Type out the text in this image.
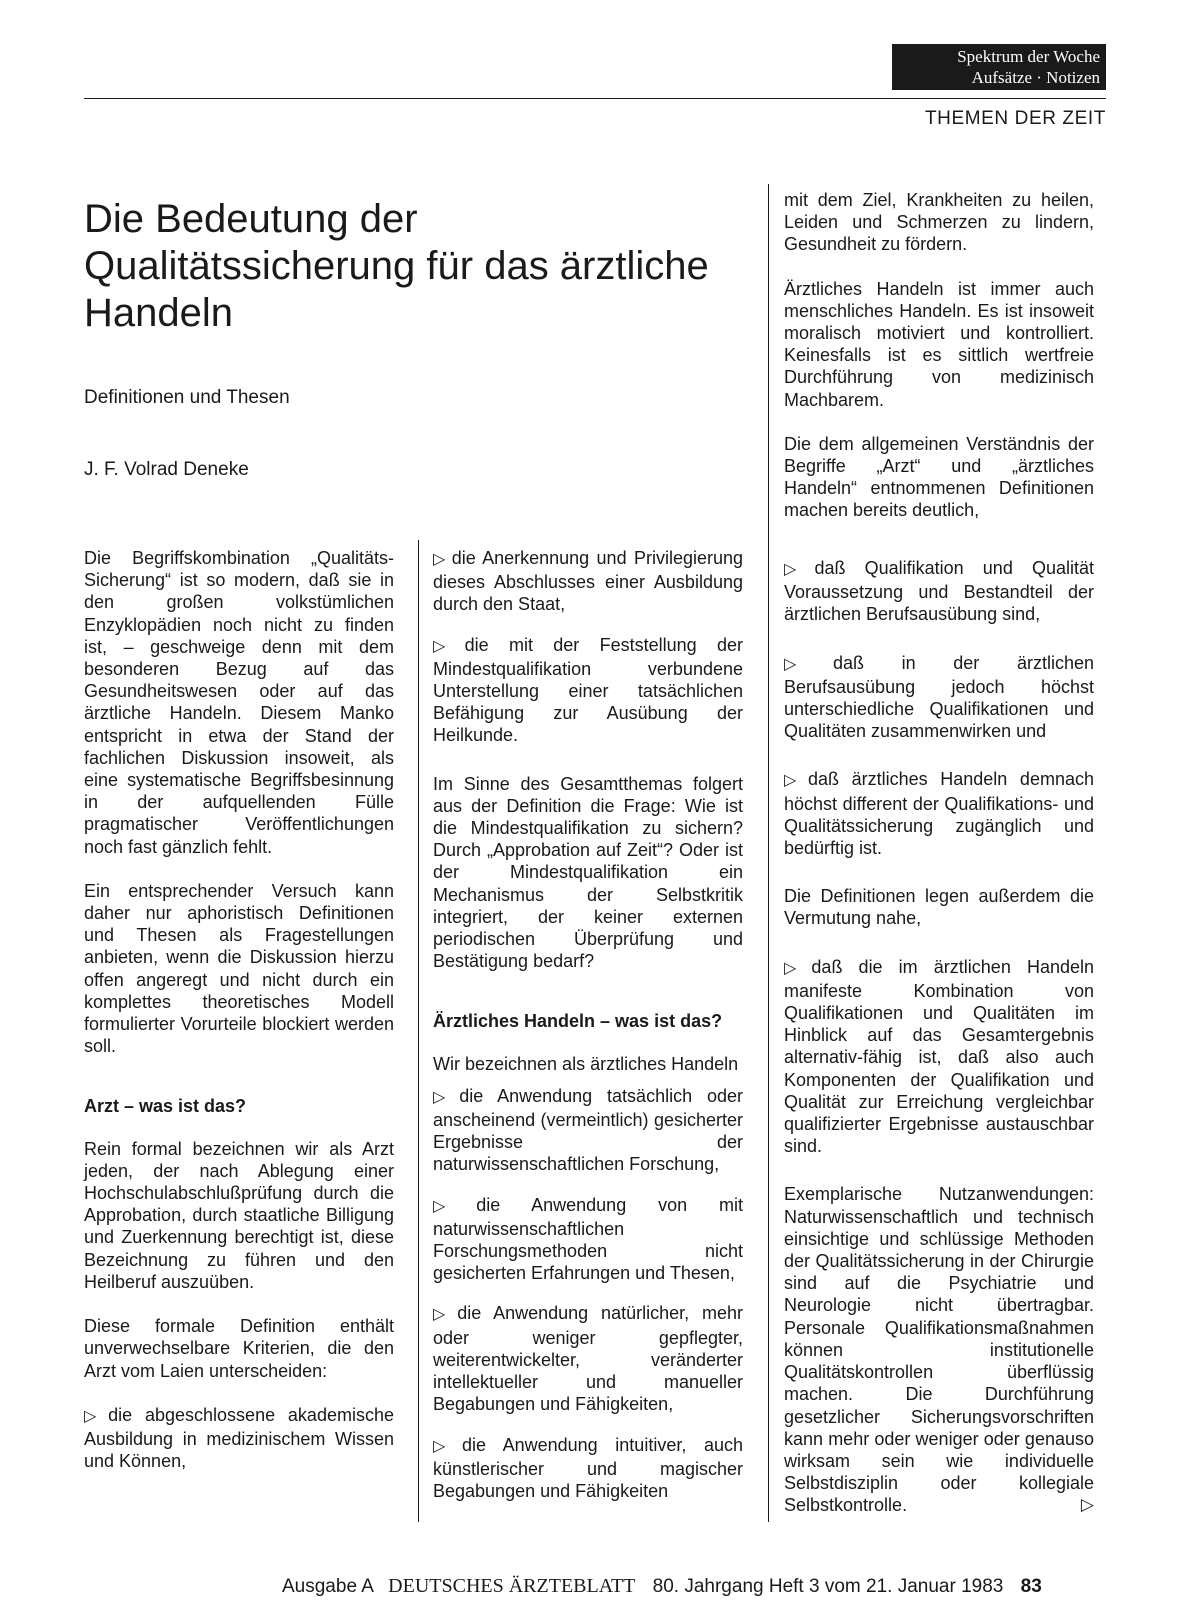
Spektrum der Woche
Aufsätze · Notizen
THEMEN DER ZEIT
Die Bedeutung der Qualitätssicherung für das ärztliche Handeln
Definitionen und Thesen
J. F. Volrad Deneke

Die Begriffskombination „Qualitäts-Sicherung“ ist so modern, daß sie in den großen volkstümlichen Enzyklopädien noch nicht zu finden ist, – geschweige denn mit dem besonderen Bezug auf das Gesundheitswesen oder auf das ärztliche Handeln. Diesem Manko entspricht in etwa der Stand der fachlichen Diskussion insoweit, als eine systematische Begriffsbesinnung in der aufquellenden Fülle pragmatischer Veröffentlichungen noch fast gänzlich fehlt.

Ein entsprechender Versuch kann daher nur aphoristisch Definitionen und Thesen als Fragestellungen anbieten, wenn die Diskussion hierzu offen angeregt und nicht durch ein komplettes theoretisches Modell formulierter Vorurteile blockiert werden soll.

Arzt – was ist das?

Rein formal bezeichnen wir als Arzt jeden, der nach Ablegung einer Hochschulabschlußprüfung durch die Approbation, durch staatliche Billigung und Zuerkennung berechtigt ist, diese Bezeichnung zu führen und den Heilberuf auszuüben.

Diese formale Definition enthält unverwechselbare Kriterien, die den Arzt vom Laien unterscheiden:

▷ die abgeschlossene akademische Ausbildung in medizinischem Wissen und Können,

▷ die Anerkennung und Privilegierung dieses Abschlusses einer Ausbildung durch den Staat,

▷ die mit der Feststellung der Mindestqualifikation verbundene Unterstellung einer tatsächlichen Befähigung zur Ausübung der Heilkunde.

Im Sinne des Gesamtthemas folgert aus der Definition die Frage: Wie ist die Mindestqualifikation zu sichern? Durch „Approbation auf Zeit“? Oder ist der Mindestqualifikation ein Mechanismus der Selbstkritik integriert, der keiner externen periodischen Überprüfung und Bestätigung bedarf?

Ärztliches Handeln – was ist das?

Wir bezeichnen als ärztliches Handeln

▷ die Anwendung tatsächlich oder anscheinend (vermeintlich) gesicherter Ergebnisse der naturwissenschaftlichen Forschung,

▷ die Anwendung von mit naturwissenschaftlichen Forschungsmethoden nicht gesicherten Erfahrungen und Thesen,

▷ die Anwendung natürlicher, mehr oder weniger gepflegter, weiterentwickelter, veränderter intellektueller und manueller Begabungen und Fähigkeiten,

▷ die Anwendung intuitiver, auch künstlerischer und magischer Begabungen und Fähigkeiten

mit dem Ziel, Krankheiten zu heilen, Leiden und Schmerzen zu lindern, Gesundheit zu fördern.

Ärztliches Handeln ist immer auch menschliches Handeln. Es ist insoweit moralisch motiviert und kontrolliert. Keinesfalls ist es sittlich wertfreie Durchführung von medizinisch Machbarem.

Die dem allgemeinen Verständnis der Begriffe „Arzt“ und „ärztliches Handeln“ entnommenen Definitionen machen bereits deutlich,

▷ daß Qualifikation und Qualität Voraussetzung und Bestandteil der ärztlichen Berufsausübung sind,

▷ daß in der ärztlichen Berufsausübung jedoch höchst unterschiedliche Qualifikationen und Qualitäten zusammenwirken und

▷ daß ärztliches Handeln demnach höchst different der Qualifikations- und Qualitätssicherung zugänglich und bedürftig ist.

Die Definitionen legen außerdem die Vermutung nahe,

▷ daß die im ärztlichen Handeln manifeste Kombination von Qualifikationen und Qualitäten im Hinblick auf das Gesamtergebnis alternativ-fähig ist, daß also auch Komponenten der Qualifikation und Qualität zur Erreichung vergleichbar qualifizierter Ergebnisse austauschbar sind.

Exemplarische Nutzanwendungen: Naturwissenschaftlich und technisch einsichtige und schlüssige Methoden der Qualitätssicherung in der Chirurgie sind auf die Psychiatrie und Neurologie nicht übertragbar. Personale Qualifikationsmaßnahmen können institutionelle Qualitätskontrollen überflüssig machen. Die Durchführung gesetzlicher Sicherungsvorschriften kann mehr oder weniger oder genauso wirksam sein wie individuelle Selbstdisziplin oder kollegiale Selbstkontrolle.	▷

Ausgabe A DEUTSCHES ÄRZTEBLATT 80. Jahrgang Heft 3 vom 21. Januar 1983 83
